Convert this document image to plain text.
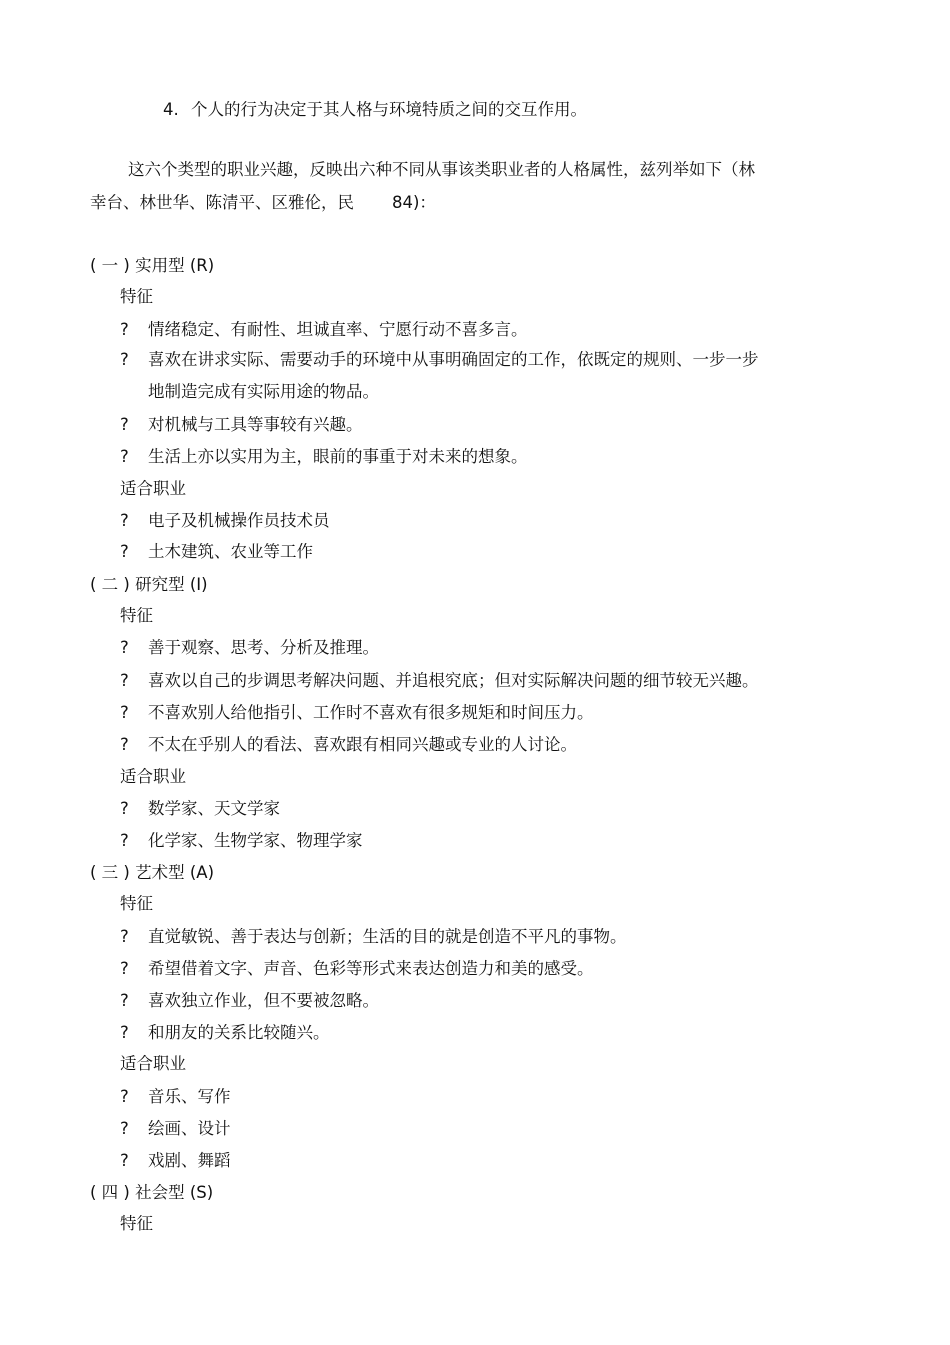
4. 个人的行为决定于其人格与环境特质之间的交互作用。
这六个类型的职业兴趣，反映出六种不同从事该类职业者的人格属性，兹列举如下（林
幸台、林世华、陈清平、区雅伦，民 84)：
( 一 ) 实用型 (R)
特征
? 情绪稳定、有耐性、坦诚直率、宁愿行动不喜多言。
? 喜欢在讲求实际、需要动手的环境中从事明确固定的工作，依既定的规则、一步一步
地制造完成有实际用途的物品。
? 对机械与工具等事较有兴趣。
? 生活上亦以实用为主，眼前的事重于对未来的想象。
适合职业
? 电子及机械操作员技术员
? 土木建筑、农业等工作
( 二 ) 研究型 (I)
特征
? 善于观察、思考、分析及推理。
? 喜欢以自己的步调思考解决问题、并追根究底；但对实际解决问题的细节较无兴趣。
? 不喜欢别人给他指引、工作时不喜欢有很多规矩和时间压力。
? 不太在乎别人的看法、喜欢跟有相同兴趣或专业的人讨论。
适合职业
? 数学家、天文学家
? 化学家、生物学家、物理学家
( 三 ) 艺术型 (A)
特征
? 直觉敏锐、善于表达与创新；生活的目的就是创造不平凡的事物。
? 希望借着文字、声音、色彩等形式来表达创造力和美的感受。
? 喜欢独立作业，但不要被忽略。
? 和朋友的关系比较随兴。
适合职业
? 音乐、写作
? 绘画、设计
? 戏剧、舞蹈
( 四 ) 社会型 (S)
特征
